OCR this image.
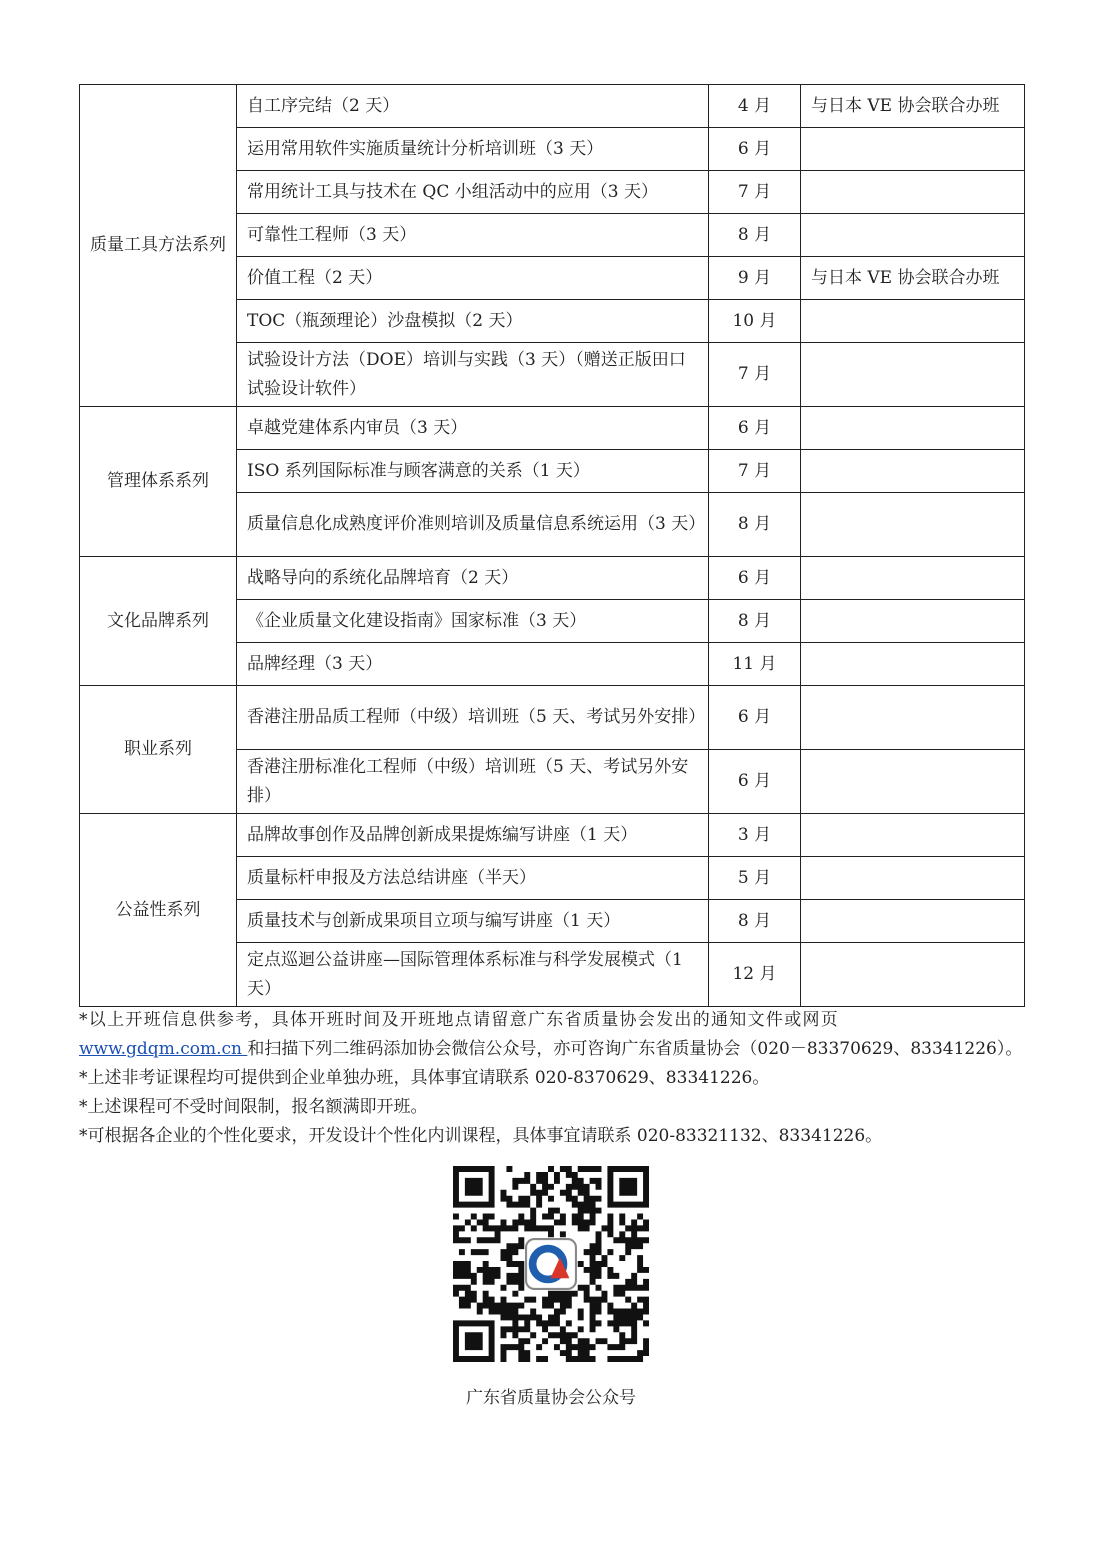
质量工具方法系列	自工序完结（2 天）	4 月	与日本 VE 协会联合办班
	运用常用软件实施质量统计分析培训班（3 天）	6 月	
	常用统计工具与技术在 QC 小组活动中的应用（3 天）	7 月	
	可靠性工程师（3 天）	8 月	
	价值工程（2 天）	9 月	与日本 VE 协会联合办班
	TOC（瓶颈理论）沙盘模拟（2 天）	10 月	
	试验设计方法（DOE）培训与实践（3 天）（赠送正版田口试验设计软件）	7 月	
管理体系系列	卓越党建体系内审员（3 天）	6 月	
	ISO 系列国际标准与顾客满意的关系（1 天）	7 月	
	质量信息化成熟度评价准则培训及质量信息系统运用（3 天）	8 月	
文化品牌系列	战略导向的系统化品牌培育（2 天）	6 月	
	《企业质量文化建设指南》国家标准（3 天）	8 月	
	品牌经理（3 天）	11 月	
职业系列	香港注册品质工程师（中级）培训班（5 天、考试另外安排）	6 月	
	香港注册标准化工程师（中级）培训班（5 天、考试另外安排）	6 月	
公益性系列	品牌故事创作及品牌创新成果提炼编写讲座（1 天）	3 月	
	质量标杆申报及方法总结讲座（半天）	5 月	
	质量技术与创新成果项目立项与编写讲座（1 天）	8 月	
	定点巡迴公益讲座—国际管理体系标准与科学发展模式（1 天）	12 月	

*以上开班信息供参考，具体开班时间及开班地点请留意广东省质量协会发出的通知文件或网页

www.gdqm.com.cn 和扫描下列二维码添加协会微信公众号，亦可咨询广东省质量协会（020－83370629、83341226）。

*上述非考证课程均可提供到企业单独办班，具体事宜请联系 020-8370629、83341226。

*上述课程可不受时间限制，报名额满即开班。

*可根据各企业的个性化要求，开发设计个性化内训课程，具体事宜请联系 020-83321132、83341226。

广东省质量协会公众号
